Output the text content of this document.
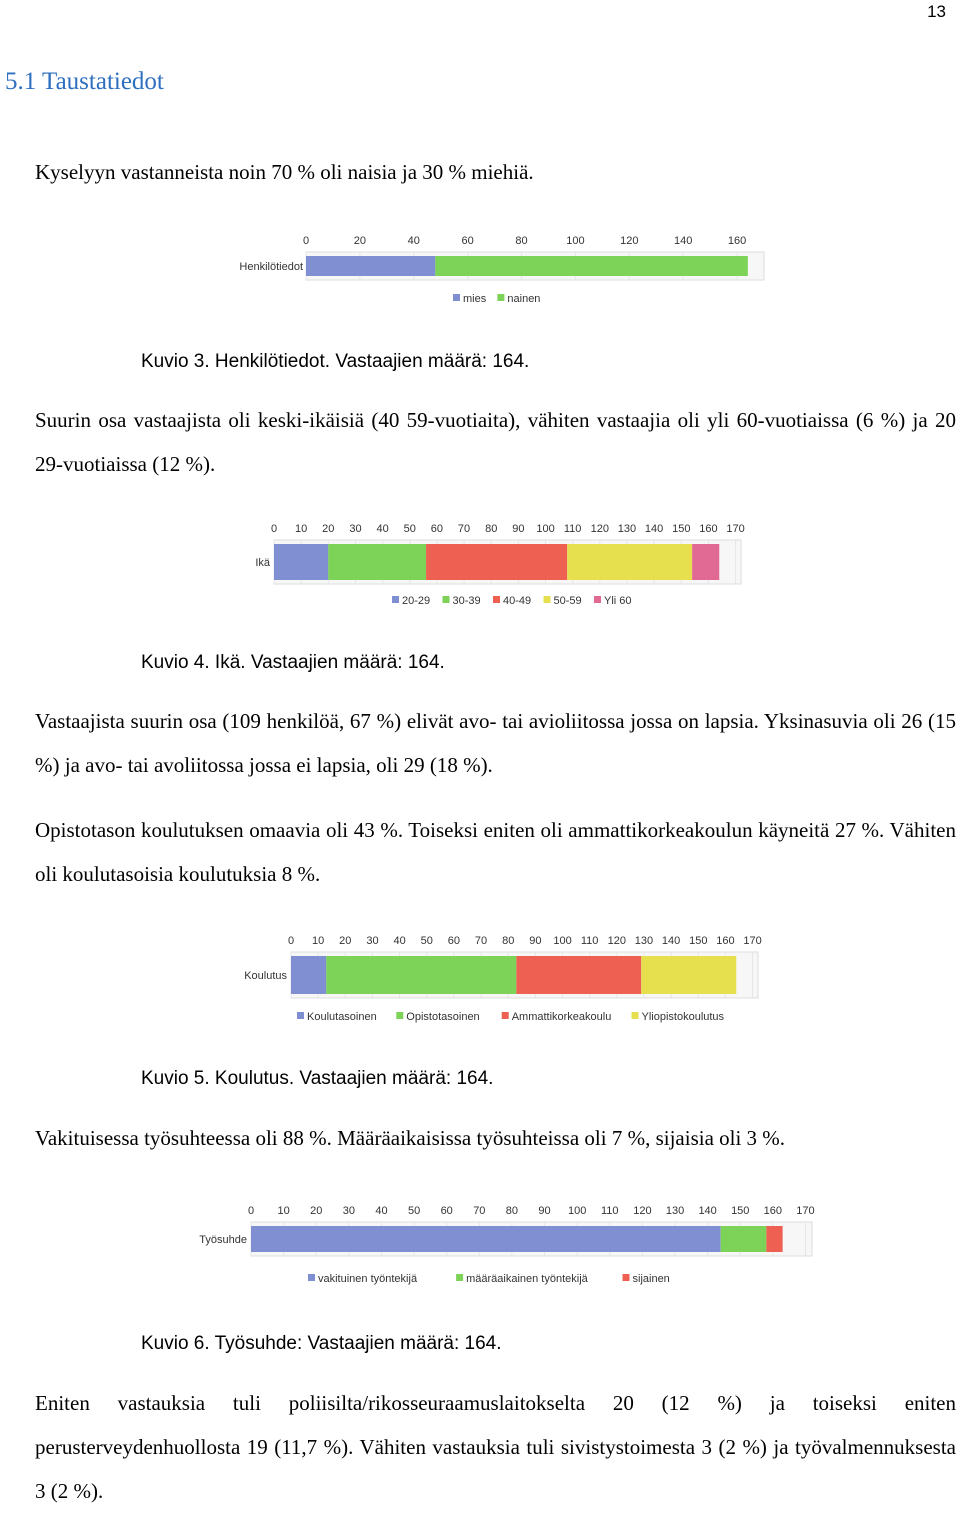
13
5.1 Taustatiedot
Kyselyyn vastanneista noin 70 % oli naisia ja 30 % miehiä.
0	20	40	60	80	100	120	140	160
Henkilötiedot
mies nainen
Kuvio 3. Henkilötiedot. Vastaajien määrä: 164.
Suurin osa vastaajista oli keski-ikäisiä (40 59-vuotiaita), vähiten vastaajia oli yli 60-vuotiaissa (6 %) ja 20 29-vuotiaissa (12 %).
0 10 20 30 40 50 60 70 80 90 100 110 120 130 140 150 160 170
Ikä
20-29 30-39 40-49 50-59 Yli 60
Kuvio 4. Ikä. Vastaajien määrä: 164.
Vastaajista suurin osa (109 henkilöä, 67 %) elivät avo- tai avioliitossa jossa on lapsia. Yksinasuvia oli 26 (15 %) ja avo- tai avoliitossa jossa ei lapsia, oli 29 (18 %).
Opistotason koulutuksen omaavia oli 43 %. Toiseksi eniten oli ammattikorkeakoulun käyneitä 27 %. Vähiten oli koulutasoisia koulutuksia 8 %.
0 10 20 30 40 50 60 70 80 90 100 110 120 130 140 150 160 170
Koulutus
Koulutasoinen	Opistotasoinen	Ammattikorkeakoulu	Yliopistokoulutus
Kuvio 5. Koulutus. Vastaajien määrä: 164.
Vakituisessa työsuhteessa oli 88 %. Määräaikaisissa työsuhteissa oli 7 %, sijaisia oli 3 %.
0 10 20 30 40 50 60 70 80 90 100 110 120 130 140 150 160 170
Työsuhde
vakituinen työntekijä	määräaikainen työntekijä	sijainen
Kuvio 6. Työsuhde: Vastaajien määrä: 164.
Eniten vastauksia tuli poliisilta/rikosseuraamuslaitokselta 20 (12 %) ja toiseksi eniten perusterveydenhuollosta 19 (11,7 %). Vähiten vastauksia tuli sivistystoimesta 3 (2 %) ja työvalmennuksesta 3 (2 %).
